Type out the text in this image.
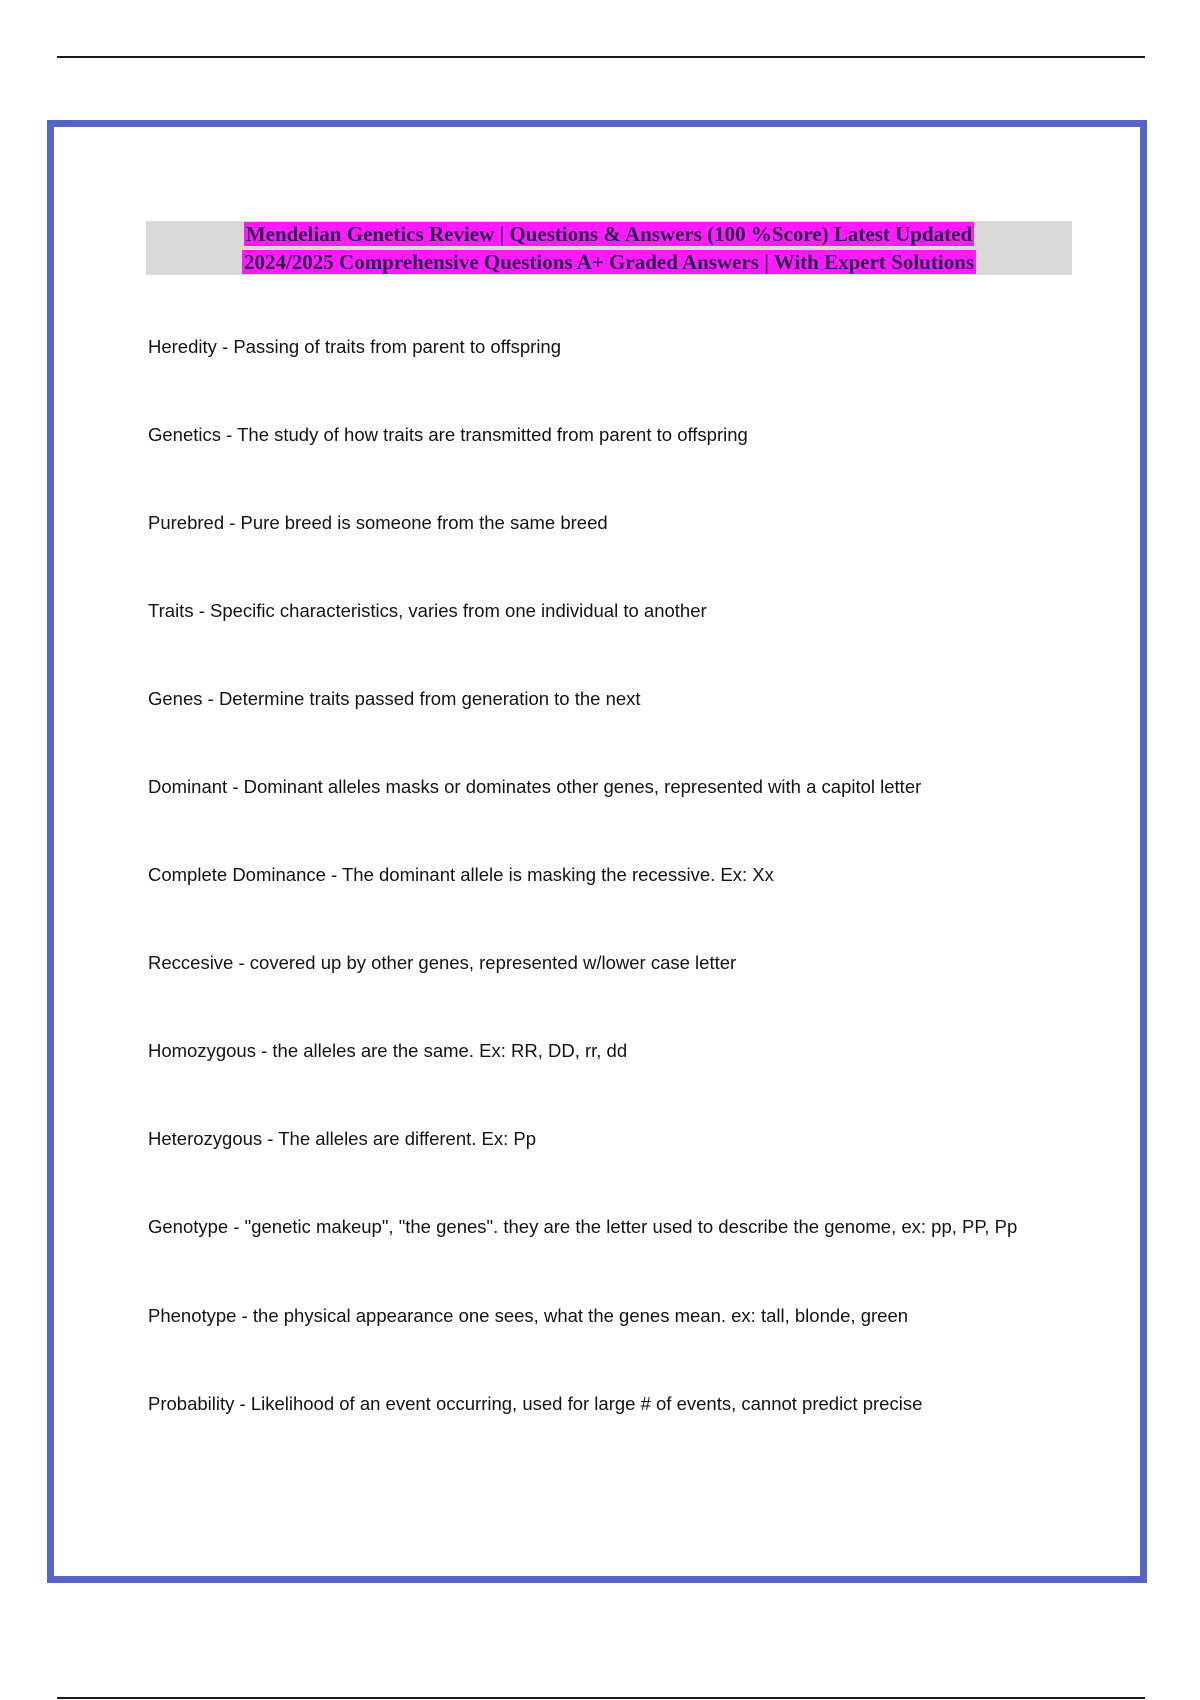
Mendelian Genetics Review | Questions & Answers (100 %Score) Latest Updated
2024/2025 Comprehensive Questions A+ Graded Answers | With Expert Solutions
Heredity - Passing of traits from parent to offspring
Genetics - The study of how traits are transmitted from parent to offspring
Purebred - Pure breed is someone from the same breed
Traits - Specific characteristics, varies from one individual to another
Genes - Determine traits passed from generation to the next
Dominant - Dominant alleles masks or dominates other genes, represented with a capitol letter
Complete Dominance - The dominant allele is masking the recessive. Ex: Xx
Reccesive - covered up by other genes, represented w/lower case letter
Homozygous - the alleles are the same. Ex: RR, DD, rr, dd
Heterozygous - The alleles are different. Ex: Pp
Genotype - "genetic makeup", "the genes". they are the letter used to describe the genome, ex: pp, PP, Pp
Phenotype - the physical appearance one sees, what the genes mean. ex: tall, blonde, green
Probability - Likelihood of an event occurring, used for large # of events, cannot predict precise
